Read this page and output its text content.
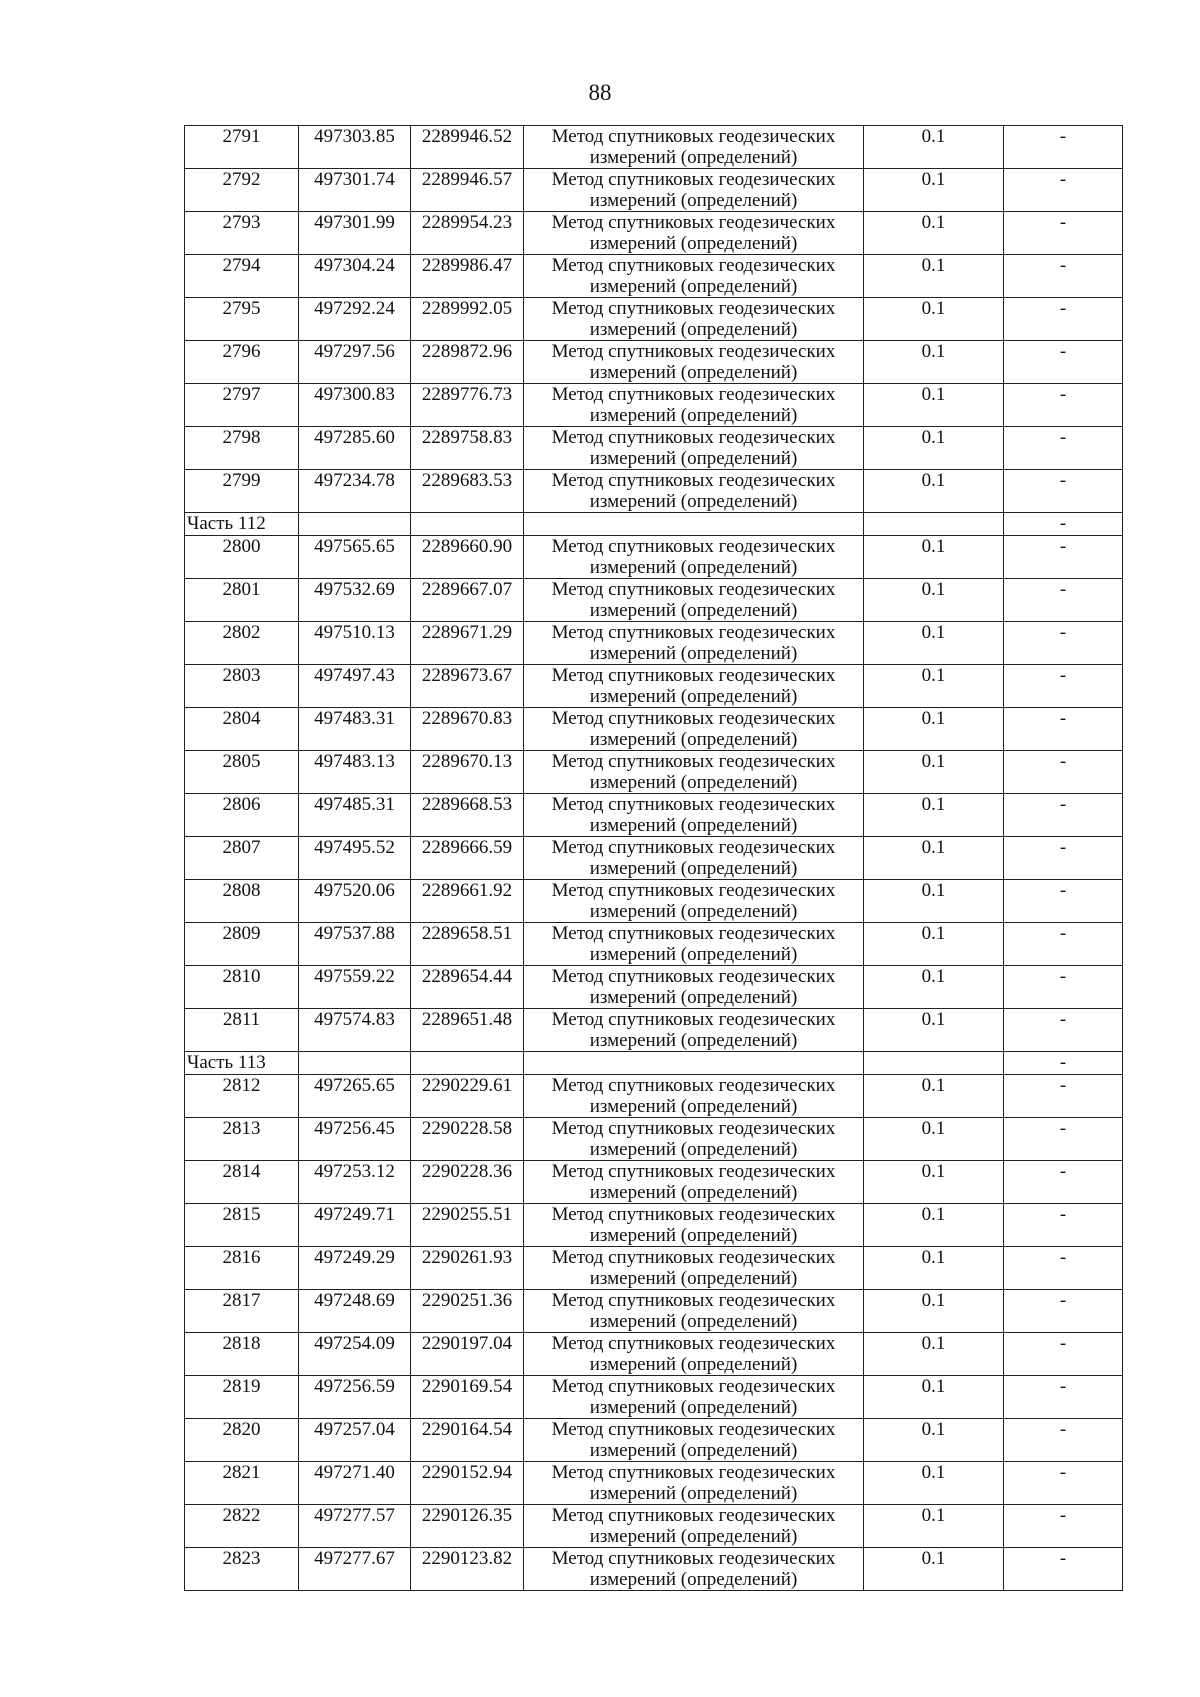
88
2791	497303.85	2289946.52	Метод спутниковых геодезических
измерений (определений)	0.1	-
2792	497301.74	2289946.57	Метод спутниковых геодезических
измерений (определений)	0.1	-
2793	497301.99	2289954.23	Метод спутниковых геодезических
измерений (определений)	0.1	-
2794	497304.24	2289986.47	Метод спутниковых геодезических
измерений (определений)	0.1	-
2795	497292.24	2289992.05	Метод спутниковых геодезических
измерений (определений)	0.1	-
2796	497297.56	2289872.96	Метод спутниковых геодезических
измерений (определений)	0.1	-
2797	497300.83	2289776.73	Метод спутниковых геодезических
измерений (определений)	0.1	-
2798	497285.60	2289758.83	Метод спутниковых геодезических
измерений (определений)	0.1	-
2799	497234.78	2289683.53	Метод спутниковых геодезических
измерений (определений)	0.1	-
Часть 112					-
2800	497565.65	2289660.90	Метод спутниковых геодезических
измерений (определений)	0.1	-
2801	497532.69	2289667.07	Метод спутниковых геодезических
измерений (определений)	0.1	-
2802	497510.13	2289671.29	Метод спутниковых геодезических
измерений (определений)	0.1	-
2803	497497.43	2289673.67	Метод спутниковых геодезических
измерений (определений)	0.1	-
2804	497483.31	2289670.83	Метод спутниковых геодезических
измерений (определений)	0.1	-
2805	497483.13	2289670.13	Метод спутниковых геодезических
измерений (определений)	0.1	-
2806	497485.31	2289668.53	Метод спутниковых геодезических
измерений (определений)	0.1	-
2807	497495.52	2289666.59	Метод спутниковых геодезических
измерений (определений)	0.1	-
2808	497520.06	2289661.92	Метод спутниковых геодезических
измерений (определений)	0.1	-
2809	497537.88	2289658.51	Метод спутниковых геодезических
измерений (определений)	0.1	-
2810	497559.22	2289654.44	Метод спутниковых геодезических
измерений (определений)	0.1	-
2811	497574.83	2289651.48	Метод спутниковых геодезических
измерений (определений)	0.1	-
Часть 113					-
2812	497265.65	2290229.61	Метод спутниковых геодезических
измерений (определений)	0.1	-
2813	497256.45	2290228.58	Метод спутниковых геодезических
измерений (определений)	0.1	-
2814	497253.12	2290228.36	Метод спутниковых геодезических
измерений (определений)	0.1	-
2815	497249.71	2290255.51	Метод спутниковых геодезических
измерений (определений)	0.1	-
2816	497249.29	2290261.93	Метод спутниковых геодезических
измерений (определений)	0.1	-
2817	497248.69	2290251.36	Метод спутниковых геодезических
измерений (определений)	0.1	-
2818	497254.09	2290197.04	Метод спутниковых геодезических
измерений (определений)	0.1	-
2819	497256.59	2290169.54	Метод спутниковых геодезических
измерений (определений)	0.1	-
2820	497257.04	2290164.54	Метод спутниковых геодезических
измерений (определений)	0.1	-
2821	497271.40	2290152.94	Метод спутниковых геодезических
измерений (определений)	0.1	-
2822	497277.57	2290126.35	Метод спутниковых геодезических
измерений (определений)	0.1	-
2823	497277.67	2290123.82	Метод спутниковых геодезических
измерений (определений)	0.1	-
